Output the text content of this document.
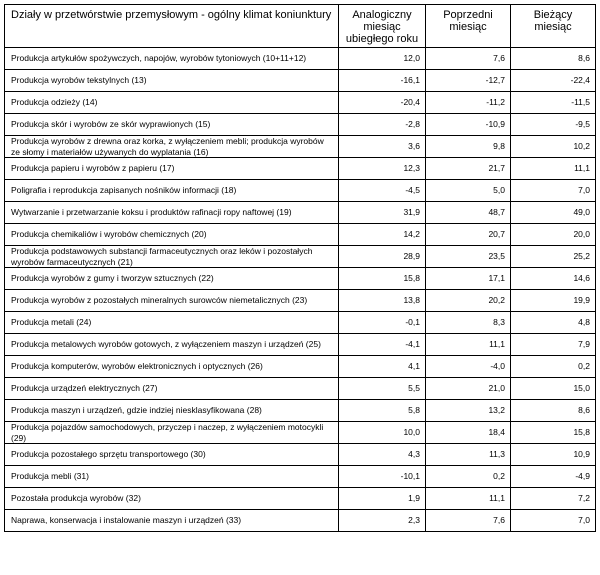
Działy w przetwórstwie przemysłowym - ogólny klimat koniunktury	Analogiczny miesiąc ubiegłego roku	Poprzedni miesiąc	Bieżący miesiąc
Produkcja artykułów spożywczych, napojów, wyrobów tytoniowych (10+11+12)	12,0	7,6	8,6
Produkcja wyrobów tekstylnych (13)	-16,1	-12,7	-22,4
Produkcja odzieży (14)	-20,4	-11,2	-11,5
Produkcja skór i wyrobów ze skór wyprawionych (15)	-2,8	-10,9	-9,5
Produkcja wyrobów z drewna oraz korka, z wyłączeniem mebli; produkcja wyrobów ze słomy i materiałów używanych do wyplatania (16)	3,6	9,8	10,2
Produkcja papieru i wyrobów z papieru (17)	12,3	21,7	11,1
Poligrafia i reprodukcja zapisanych nośników informacji (18)	-4,5	5,0	7,0
Wytwarzanie i przetwarzanie koksu i produktów rafinacji ropy naftowej (19)	31,9	48,7	49,0
Produkcja chemikaliów i wyrobów chemicznych (20)	14,2	20,7	20,0
Produkcja podstawowych substancji farmaceutycznych oraz leków i pozostałych wyrobów farmaceutycznych (21)	28,9	23,5	25,2
Produkcja wyrobów z gumy i tworzyw sztucznych (22)	15,8	17,1	14,6
Produkcja wyrobów z pozostałych mineralnych surowców niemetalicznych (23)	13,8	20,2	19,9
Produkcja metali (24)	-0,1	8,3	4,8
Produkcja metalowych wyrobów gotowych, z wyłączeniem maszyn i urządzeń (25)	-4,1	11,1	7,9
Produkcja komputerów, wyrobów elektronicznych i optycznych (26)	4,1	-4,0	0,2
Produkcja urządzeń elektrycznych (27)	5,5	21,0	15,0
Produkcja maszyn i urządzeń, gdzie indziej niesklasyfikowana (28)	5,8	13,2	8,6
Produkcja pojazdów samochodowych, przyczep i naczep, z wyłączeniem motocykli (29)	10,0	18,4	15,8
Produkcja pozostałego sprzętu transportowego (30)	4,3	11,3	10,9
Produkcja mebli (31)	-10,1	0,2	-4,9
Pozostała produkcja wyrobów (32)	1,9	11,1	7,2
Naprawa, konserwacja i instalowanie maszyn i urządzeń (33)	2,3	7,6	7,0
